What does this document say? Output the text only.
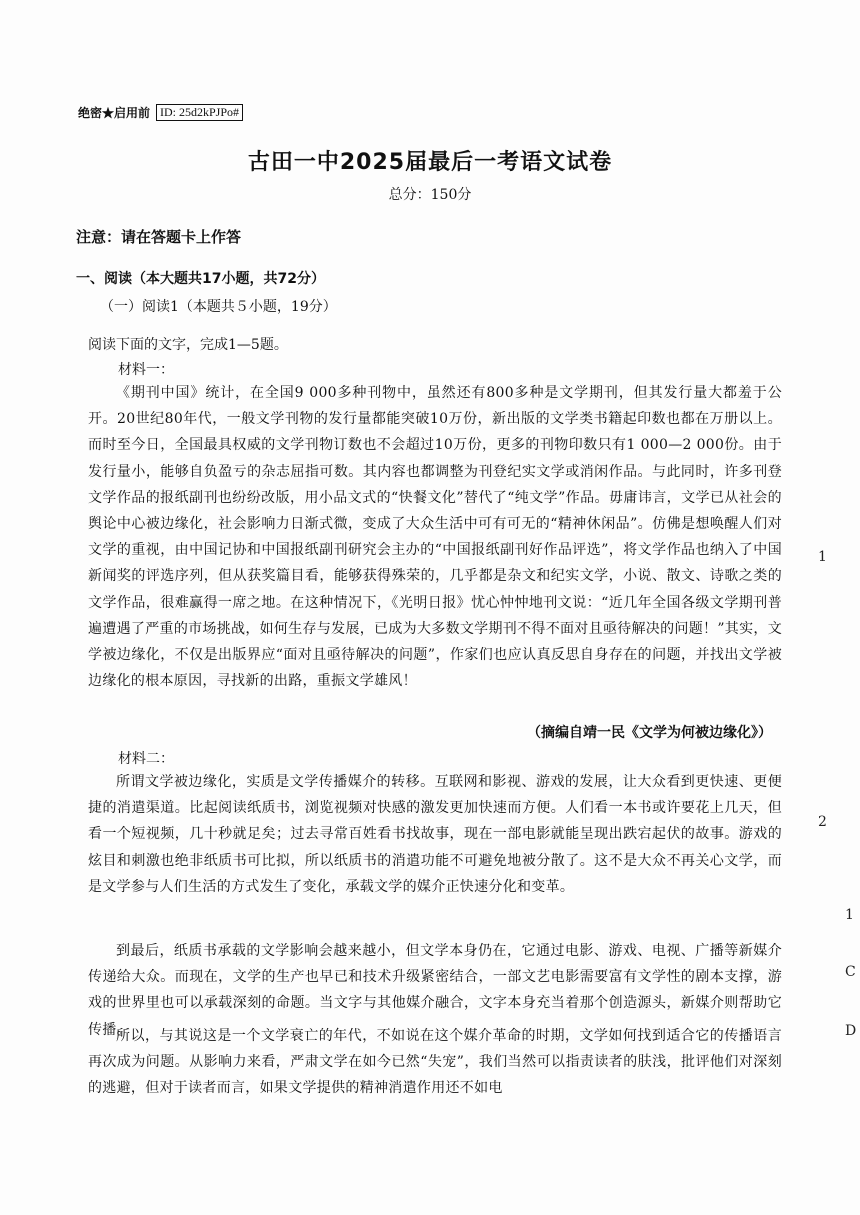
绝密★启用前 ID: 25d2kPJPo#
古田一中2025届最后一考语文试卷
总分：150分
注意：请在答题卡上作答
一、阅读（本大题共17小题，共72分）
（一）阅读1（本题共５小题，19分）
阅读下面的文字，完成1—5题。
材料一：

《期刊中国》统计，在全国9 000多种刊物中，虽然还有800多种是文学期刊，但其发行量大都羞于公开。20世纪80年代，一般文学刊物的发行量都能突破10万份，新出版的文学类书籍起印数也都在万册以上。而时至今日，全国最具权威的文学刊物订数也不会超过10万份，更多的刊物印数只有1 000—2 000份。由于发行量小，能够自负盈亏的杂志屈指可数。其内容也都调整为刊登纪实文学或消闲作品。与此同时，许多刊登文学作品的报纸副刊也纷纷改版，用小品文式的“快餐文化”替代了“纯文学”作品。毋庸讳言，文学已从社会的舆论中心被边缘化，社会影响力日渐式微，变成了大众生活中可有可无的“精神休闲品”。仿佛是想唤醒人们对文学的重视，由中国记协和中国报纸副刊研究会主办的“中国报纸副刊好作品评选”，将文学作品也纳入了中国新闻奖的评选序列，但从获奖篇目看，能够获得殊荣的，几乎都是杂文和纪实文学，小说、散文、诗歌之类的文学作品，很难赢得一席之地。在这种情况下，《光明日报》忧心忡忡地刊文说：“近几年全国各级文学期刊普遍遭遇了严重的市场挑战，如何生存与发展，已成为大多数文学期刊不得不面对且亟待解决的问题！”其实，文学被边缘化，不仅是出版界应“面对且亟待解决的问题”，作家们也应认真反思自身存在的问题，并找出文学被边缘化的根本原因，寻找新的出路，重振文学雄风！

（摘编自靖一民《文学为何被边缘化》）
材料二：

所谓文学被边缘化，实质是文学传播媒介的转移。互联网和影视、游戏的发展，让大众看到更快速、更便捷的消遣渠道。比起阅读纸质书，浏览视频对快感的激发更加快速而方便。人们看一本书或许要花上几天，但看一个短视频，几十秒就足矣；过去寻常百姓看书找故事，现在一部电影就能呈现出跌宕起伏的故事。游戏的炫目和刺激也绝非纸质书可比拟，所以纸质书的消遣功能不可避免地被分散了。这不是大众不再关心文学，而是文学参与人们生活的方式发生了变化，承载文学的媒介正快速分化和变革。

到最后，纸质书承载的文学影响会越来越小，但文学本身仍在，它通过电影、游戏、电视、广播等新媒介传递给大众。而现在，文学的生产也早已和技术升级紧密结合，一部文艺电影需要富有文学性的剧本支撑，游戏的世界里也可以承载深刻的命题。当文字与其他媒介融合，文字本身充当着那个创造源头，新媒介则帮助它传播。

所以，与其说这是一个文学衰亡的年代，不如说在这个媒介革命的时期，文学如何找到适合它的传播语言再次成为问题。从影响力来看，严肃文学在如今已然“失宠”，我们当然可以指责读者的肤浅，批评他们对深刻的逃避，但对于读者而言，如果文学提供的精神消遣作用还不如电

1
2
1
C
D
